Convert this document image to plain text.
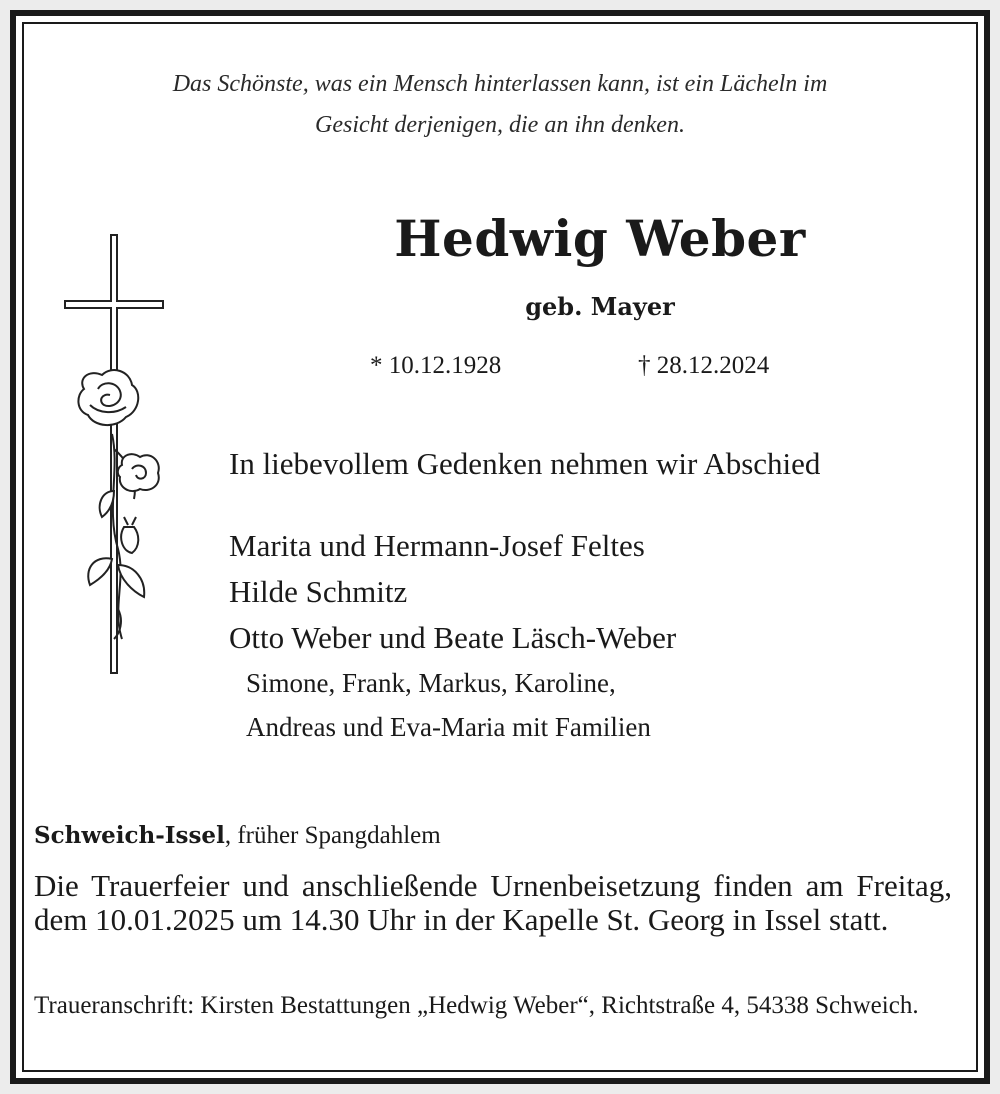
Das Schönste, was ein Mensch hinterlassen kann, ist ein Lächeln im
Gesicht derjenigen, die an ihn denken.
Hedwig Weber
geb. Mayer
* 10.12.1928	† 28.12.2024
In liebevollem Gedenken nehmen wir Abschied
Marita und Hermann-Josef Feltes
Hilde Schmitz
Otto Weber und Beate Läsch-Weber
Simone, Frank, Markus, Karoline,
Andreas und Eva-Maria mit Familien
Schweich-Issel, früher Spangdahlem
Die Trauerfeier und anschließende Urnenbeisetzung finden am Freitag, dem 10.01.2025 um 14.30 Uhr in der Kapelle St. Georg in Issel statt.
Traueranschrift: Kirsten Bestattungen „Hedwig Weber“, Richtstraße 4, 54338 Schweich.
